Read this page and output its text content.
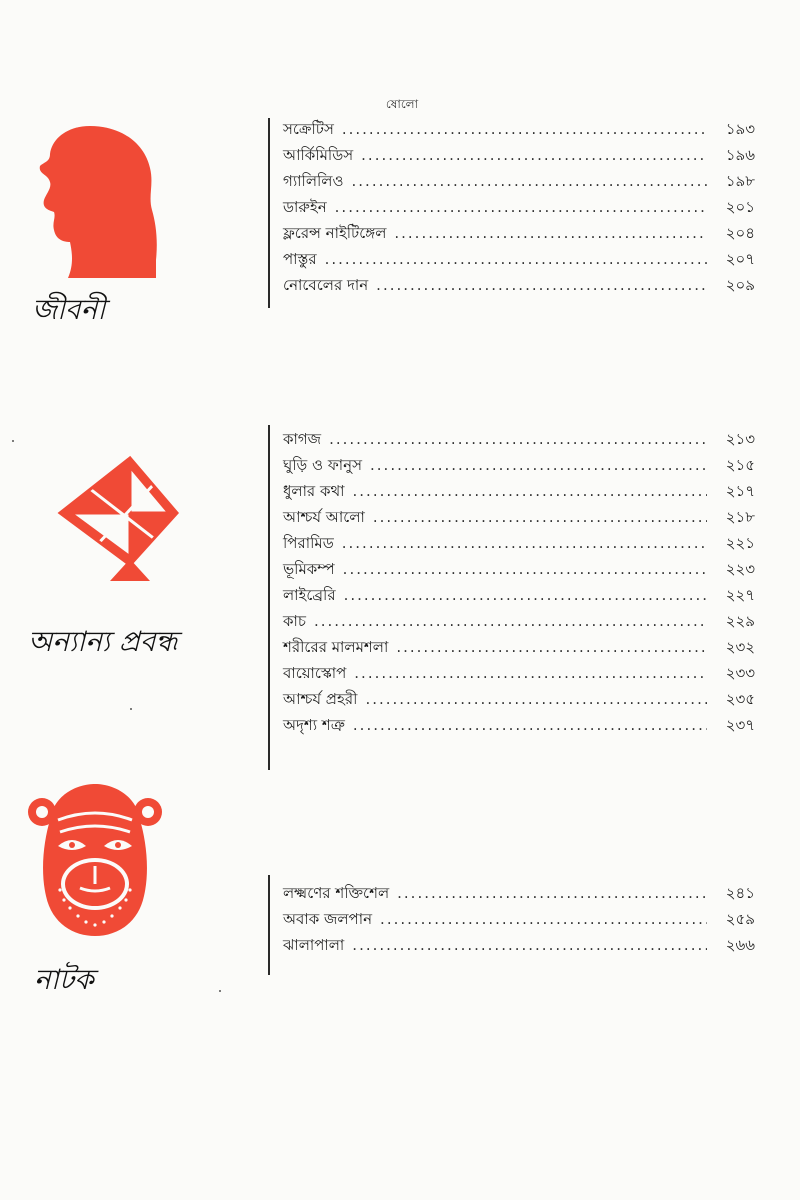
ষোলো
জীবনী
সক্রেটিস .....	১৯৩
আর্কিমিডিস .....	১৯৬
গ্যালিলিও .....	১৯৮
ডারুইন .....	২০১
ফ্লরেন্স নাইটিঙ্গেল .....	২০৪
পাস্তুর .....	২০৭
নোবেলের দান .....	২০৯
অন্যান্য প্রবন্ধ
কাগজ .....	২১৩
ঘুড়ি ও ফানুস .....	২১৫
ধুলার কথা .....	২১৭
আশ্চর্য আলো .....	২১৮
পিরামিড .....	২২১
ভূমিকম্প .....	২২৩
লাইব্রেরি .....	২২৭
কাচ .....	২২৯
শরীরের মালমশলা .....	২৩২
বায়োস্কোপ .....	২৩৩
আশ্চর্য প্রহরী .....	২৩৫
অদৃশ্য শত্রু .....	২৩৭
নাটক
লক্ষ্মণের শক্তিশেল .....	২৪১
অবাক জলপান .....	২৫৯
ঝালাপালা .....	২৬৬
